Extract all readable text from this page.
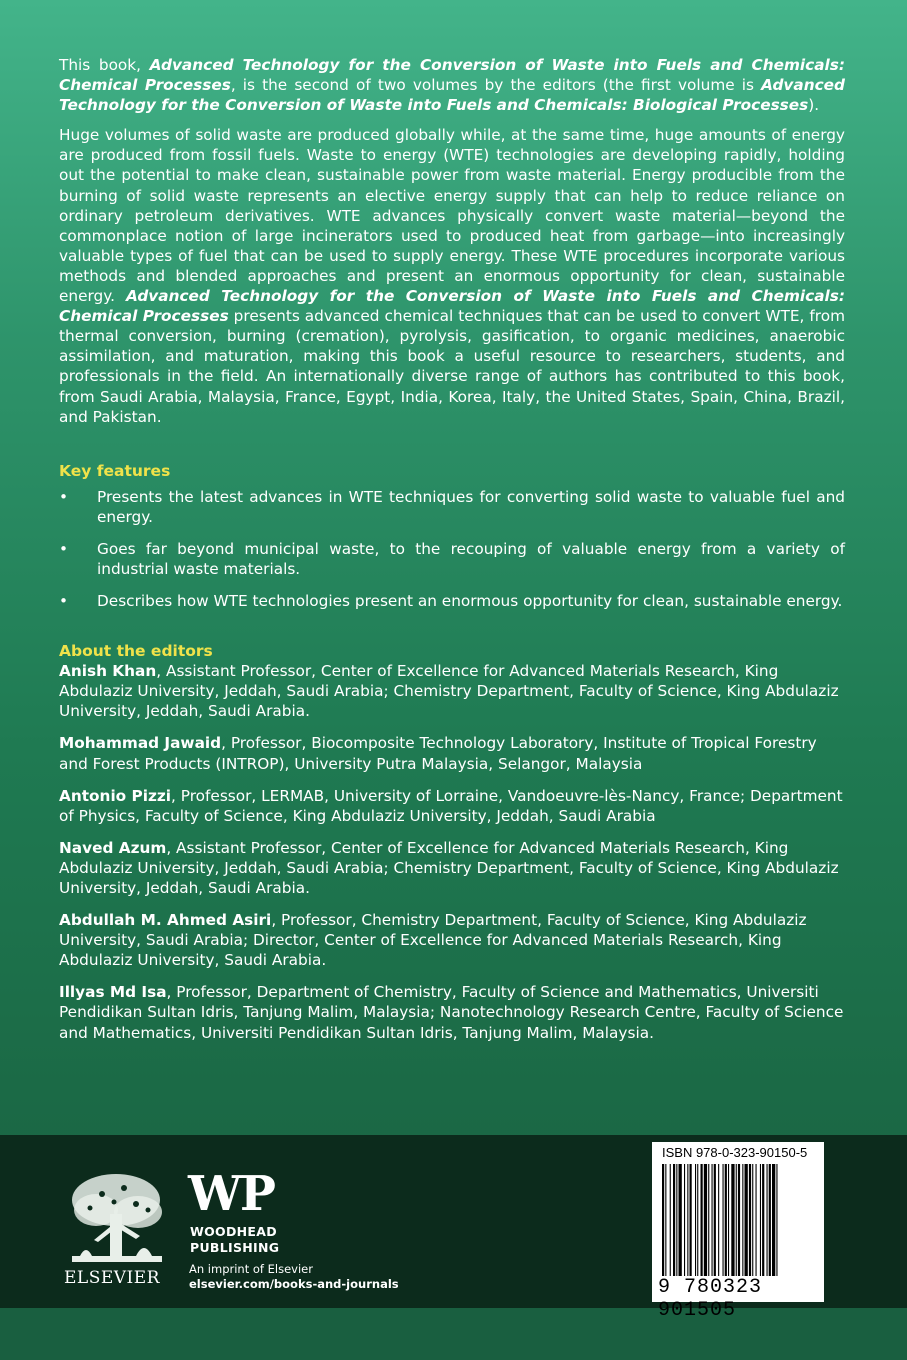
This book, Advanced Technology for the Conversion of Waste into Fuels and Chemicals: Chemical Processes, is the second of two volumes by the editors (the first volume is Advanced Technology for the Conversion of Waste into Fuels and Chemicals: Biological Processes).

Huge volumes of solid waste are produced globally while, at the same time, huge amounts of energy are produced from fossil fuels. Waste to energy (WTE) technologies are developing rapidly, holding out the potential to make clean, sustainable power from waste material. Energy producible from the burning of solid waste represents an elective energy supply that can help to reduce reliance on ordinary petroleum derivatives. WTE advances physically convert waste material—beyond the commonplace notion of large incinerators used to produced heat from garbage—into increasingly valuable types of fuel that can be used to supply energy. These WTE procedures incorporate various methods and blended approaches and present an enormous opportunity for clean, sustainable energy. Advanced Technology for the Conversion of Waste into Fuels and Chemicals: Chemical Processes presents advanced chemical techniques that can be used to convert WTE, from thermal conversion, burning (cremation), pyrolysis, gasification, to organic medicines, anaerobic assimilation, and maturation, making this book a useful resource to researchers, students, and professionals in the field. An internationally diverse range of authors has contributed to this book, from Saudi Arabia, Malaysia, France, Egypt, India, Korea, Italy, the United States, Spain, China, Brazil, and Pakistan.

Key features
• Presents the latest advances in WTE techniques for converting solid waste to valuable fuel and energy.
• Goes far beyond municipal waste, to the recouping of valuable energy from a variety of industrial waste materials.
• Describes how WTE technologies present an enormous opportunity for clean, sustainable energy.
About the editors

Anish Khan, Assistant Professor, Center of Excellence for Advanced Materials Research, King Abdulaziz University, Jeddah, Saudi Arabia; Chemistry Department, Faculty of Science, King Abdulaziz University, Jeddah, Saudi Arabia.

Mohammad Jawaid, Professor, Biocomposite Technology Laboratory, Institute of Tropical Forestry and Forest Products (INTROP), University Putra Malaysia, Selangor, Malaysia

Antonio Pizzi, Professor, LERMAB, University of Lorraine, Vandoeuvre-lès-Nancy, France; Department of Physics, Faculty of Science, King Abdulaziz University, Jeddah, Saudi Arabia

Naved Azum, Assistant Professor, Center of Excellence for Advanced Materials Research, King Abdulaziz University, Jeddah, Saudi Arabia; Chemistry Department, Faculty of Science, King Abdulaziz University, Jeddah, Saudi Arabia.

Abdullah M. Ahmed Asiri, Professor, Chemistry Department, Faculty of Science, King Abdulaziz University, Saudi Arabia; Director, Center of Excellence for Advanced Materials Research, King Abdulaziz University, Saudi Arabia.

Illyas Md Isa, Professor, Department of Chemistry, Faculty of Science and Mathematics, Universiti Pendidikan Sultan Idris, Tanjung Malim, Malaysia; Nanotechnology Research Centre, Faculty of Science and Mathematics, Universiti Pendidikan Sultan Idris, Tanjung Malim, Malaysia.

ELSEVIER
WP
WOODHEAD
PUBLISHING
An imprint of Elsevier
elsevier.com/books-and-journals
ISBN 978-0-323-90150-5
9 780323 901505
